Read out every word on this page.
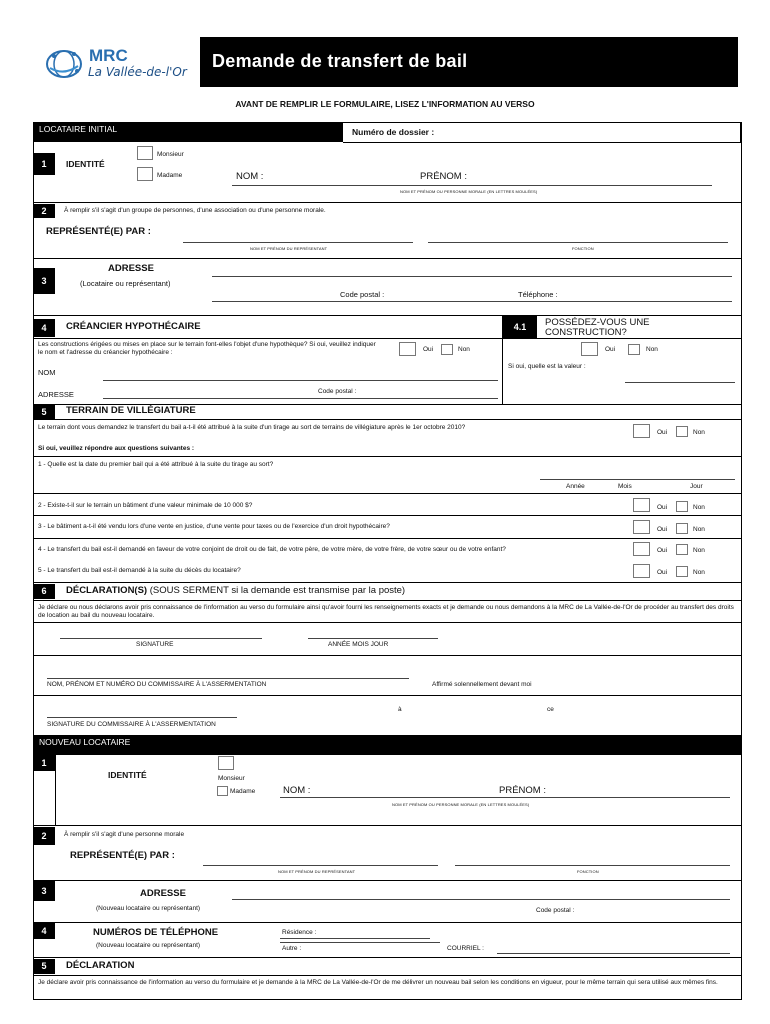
MRC
La Vallée-de-l'Or
Demande de transfert de bail
AVANT DE REMPLIR LE FORMULAIRE, LISEZ L'INFORMATION AU VERSO
LOCATAIRE INITIAL	Numéro de dossier :
1	IDENTITÉ
Monsieur
Madame	NOM :	PRÉNOM :
NOM ET PRÉNOM OU PERSONNE MORALE (EN LETTRES MOULÉES)
2	À remplir s'il s'agit d'un groupe de personnes, d'une association ou d'une personne morale.
REPRÉSENTÉ(E) PAR :
NOM ET PRÉNOM DU REPRÉSENTANT	FONCTION
3
ADRESSE
(Locataire ou représentant)
Code postal :	Téléphone :
4	CRÉANCIER HYPOTHÉCAIRE
Les constructions érigées ou mises en place sur le terrain font-elles l'objet d'une hypothèque? Si oui, veuillez indiquer le nom et l'adresse du créancier hypothécaire :	Oui	Non
NOM
ADRESSE	Code postal :
4.1	POSSÉDEZ-VOUS UNE CONSTRUCTION?
Oui	Non
Si oui, quelle est la valeur :
5	TERRAIN DE VILLÉGIATURE
Le terrain dont vous demandez le transfert du bail a-t-il été attribué à la suite d'un tirage au sort de terrains de villégiature après le 1er octobre 2010?
Oui	Non
Si oui, veuillez répondre aux questions suivantes :
1 - Quelle est la date du premier bail qui a été attribué à la suite du tirage au sort?
Année	Mois	Jour
2 - Existe-t-il sur le terrain un bâtiment d'une valeur minimale de 10 000 $?	Oui	Non
3 - Le bâtiment a-t-il été vendu lors d'une vente en justice, d'une vente pour taxes ou de l'exercice d'un droit hypothécaire?	Oui	Non
4 - Le transfert du bail est-il demandé en faveur de votre conjoint de droit ou de fait, de votre père, de votre mère, de votre frère, de votre sœur ou de votre enfant?	Oui	Non
5 - Le transfert du bail est-il demandé à la suite du décès du locataire?	Oui	Non
6	DÉCLARATION(S) (SOUS SERMENT si la demande est transmise par la poste)
Je déclare ou nous déclarons avoir pris connaissance de l'information au verso du formulaire ainsi qu'avoir fourni les renseignements exacts et je demande ou nous demandons à la MRC de La Vallée-de-l'Or de procéder au transfert des droits de location au bail du nouveau locataire.
SIGNATURE	ANNÉE MOIS JOUR
NOM, PRÉNOM ET NUMÉRO DU COMMISSAIRE À L'ASSERMENTATION	Affirmé solennellement devant moi
à	ce
SIGNATURE DU COMMISSAIRE À L'ASSERMENTATION
NOUVEAU LOCATAIRE
1
IDENTITÉ	Monsieur
Madame	NOM :	PRÉNOM :
NOM ET PRÉNOM OU PERSONNE MORALE (EN LETTRES MOULÉES)
2	À remplir s'il s'agit d'une personne morale
REPRÉSENTÉ(E) PAR :
NOM ET PRÉNOM DU REPRÉSENTANT	FONCTION
3	ADRESSE
(Nouveau locataire ou représentant)	Code postal :
4	NUMÉROS DE TÉLÉPHONE
(Nouveau locataire ou représentant)
Résidence :
Autre :	COURRIEL :
5	DÉCLARATION
Je déclare avoir pris connaissance de l'information au verso du formulaire et je demande à la MRC de La Vallée-de-l'Or de me délivrer un nouveau bail selon les conditions en vigueur, pour le même terrain qui sera utilisé aux mêmes fins.
